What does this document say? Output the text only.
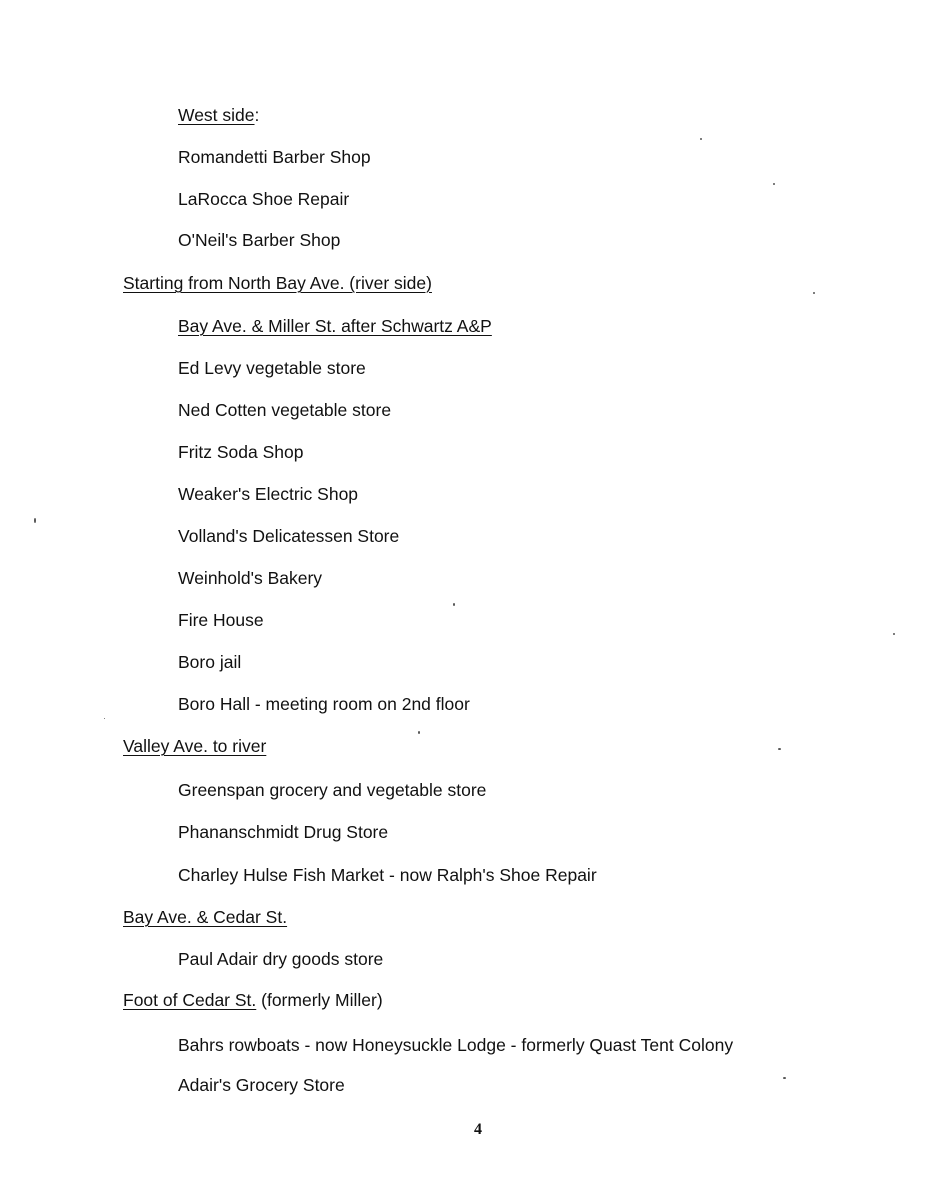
West side:
Romandetti Barber Shop
LaRocca Shoe Repair
O'Neil's Barber Shop
Starting from North Bay Ave. (river side)
Bay Ave. & Miller St. after Schwartz A&P
Ed Levy vegetable store
Ned Cotten vegetable store
Fritz Soda Shop
Weaker's Electric Shop
Volland's Delicatessen Store
Weinhold's Bakery
Fire House
Boro jail
Boro Hall - meeting room on 2nd floor
Valley Ave. to river
Greenspan grocery and vegetable store
Phananschmidt Drug Store
Charley Hulse Fish Market - now Ralph's Shoe Repair
Bay Ave. & Cedar St.
Paul Adair dry goods store
Foot of Cedar St. (formerly Miller)
Bahrs rowboats - now Honeysuckle Lodge - formerly Quast Tent Colony
Adair's Grocery Store
4
